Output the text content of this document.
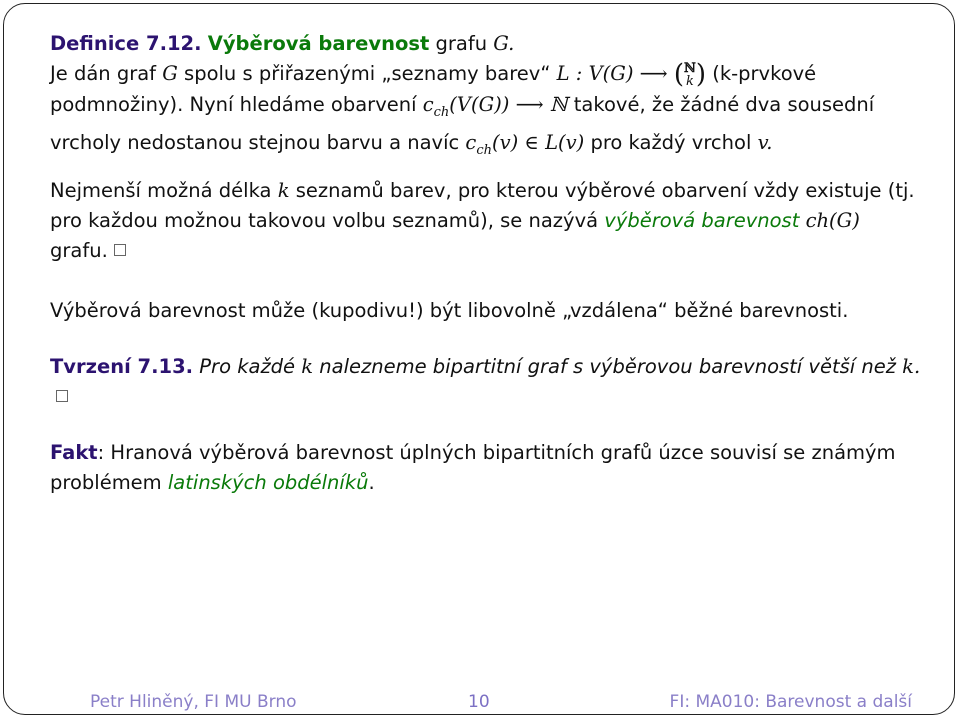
Definice 7.12. Výběrová barevnost grafu G.
Je dán graf G spolu s přiřazenými „seznamy barev“ L : V(G) ⟶ ( ℕ
k ) (k-prvkové
podmnožiny). Nyní hledáme obarvení $c_{ch}(V(G))$ ⟶ ℕ takové, že žádné dva sousední
vrcholy nedostanou stejnou barvu a navíc $c_{ch}(v)$ ∈ L(v) pro každý vrchol v.

Nejmenší možná délka k seznamů barev, pro kterou výběrové obarvení vždy existuje (tj. pro každou možnou takovou volbu seznamů), se nazývá výběrová barevnost ch(G)
grafu.

Výběrová barevnost může (kupodivu!) být libovolně „vzdálena“ běžné barevnosti.

Tvrzení 7.13. Pro každé k nalezneme bipartitní graf s výběrovou barevností větší než k.

Fakt: Hranová výběrová barevnost úplných bipartitních grafů úzce souvisí se známým problémem latinských obdélníků.

Petr Hliněný, FI MU Brno	10	FI: MA010: Barevnost a další
